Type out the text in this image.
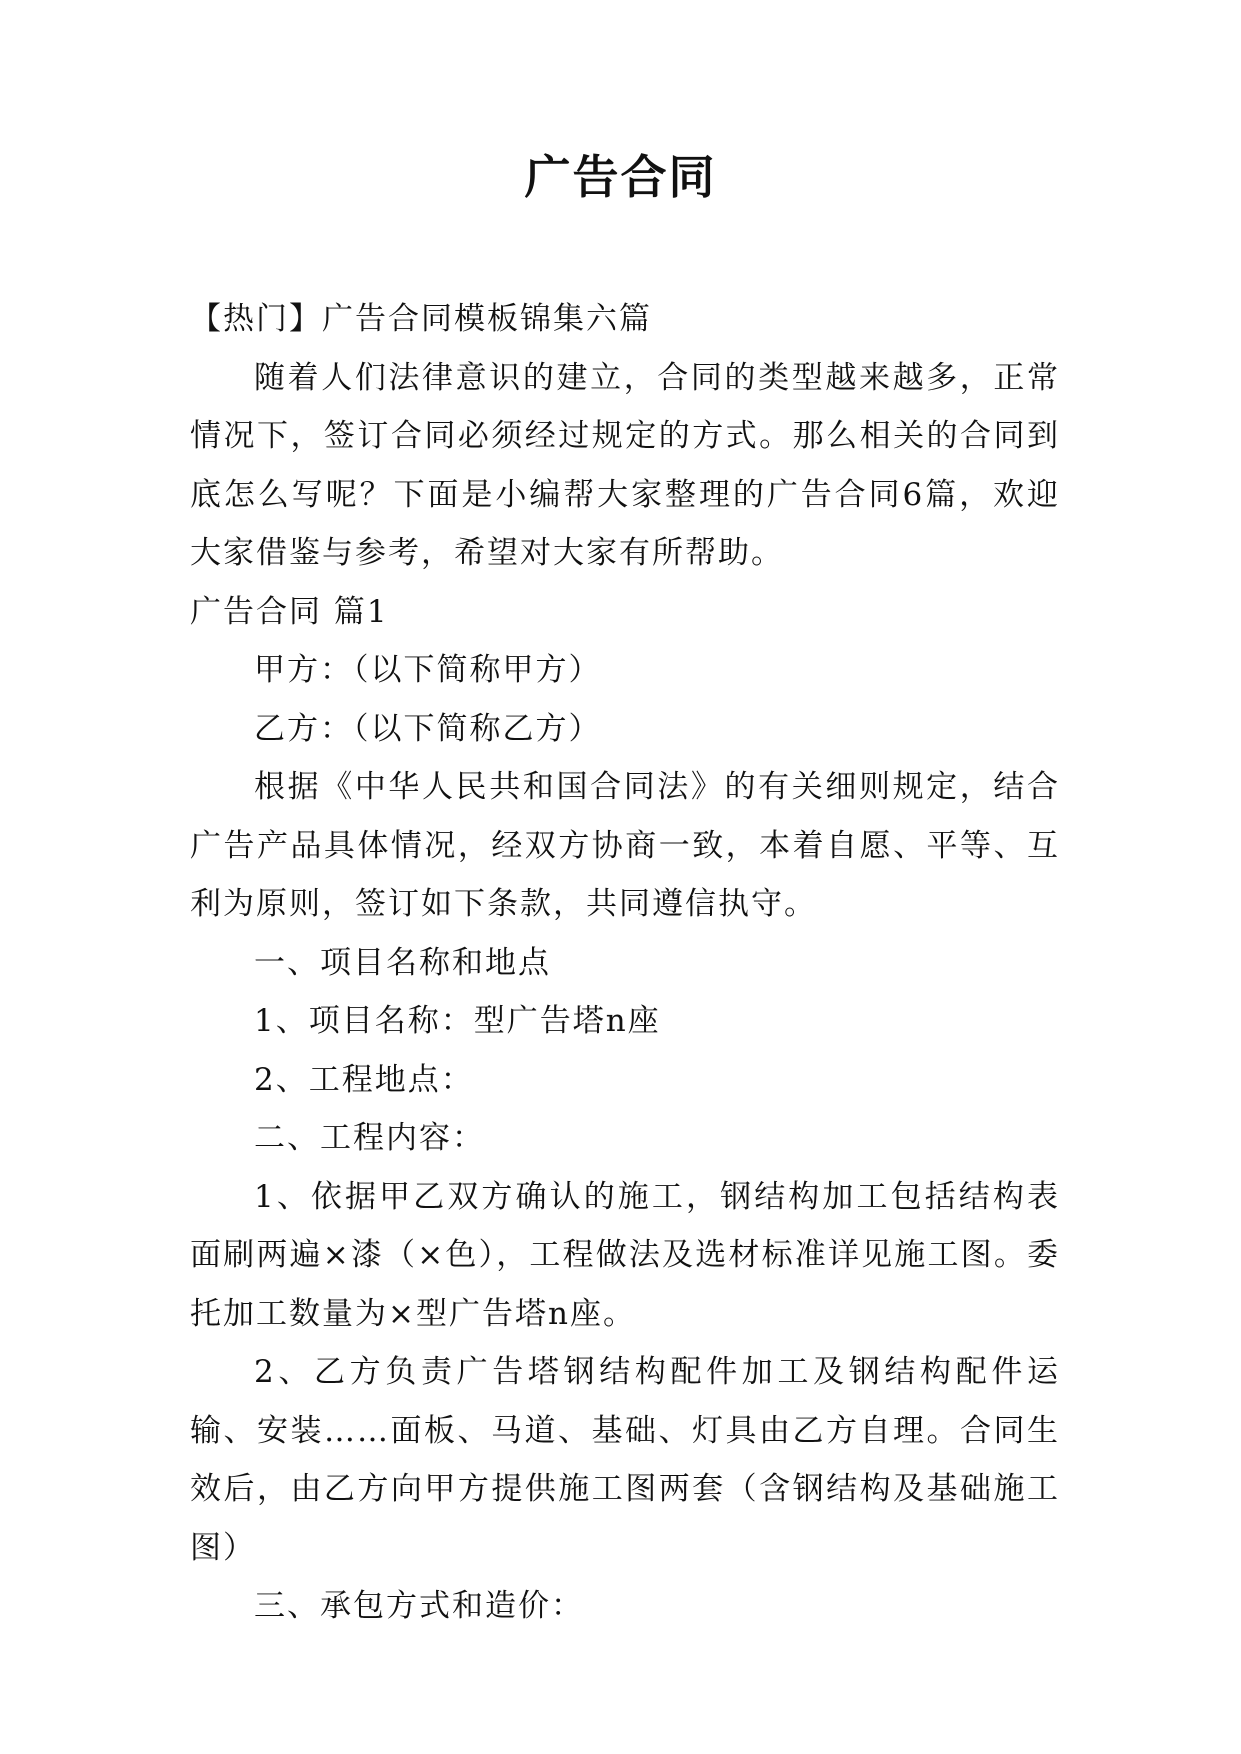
广告合同

【热门】广告合同模板锦集六篇

随着人们法律意识的建立，合同的类型越来越多，正常情况下，签订合同必须经过规定的方式。那么相关的合同到底怎么写呢？下面是小编帮大家整理的广告合同6篇，欢迎大家借鉴与参考，希望对大家有所帮助。

广告合同 篇1

甲方：（以下简称甲方）

乙方：（以下简称乙方）

根据《中华人民共和国合同法》的有关细则规定，结合广告产品具体情况，经双方协商一致，本着自愿、平等、互利为原则，签订如下条款，共同遵信执守。

一、项目名称和地点

1、项目名称：型广告塔n座

2、工程地点：

二、工程内容：

1、依据甲乙双方确认的施工，钢结构加工包括结构表面刷两遍×漆（×色），工程做法及选材标准详见施工图。委托加工数量为×型广告塔n座。

2、乙方负责广告塔钢结构配件加工及钢结构配件运输、安装……面板、马道、基础、灯具由乙方自理。合同生效后，由乙方向甲方提供施工图两套（含钢结构及基础施工图）

三、承包方式和造价：
